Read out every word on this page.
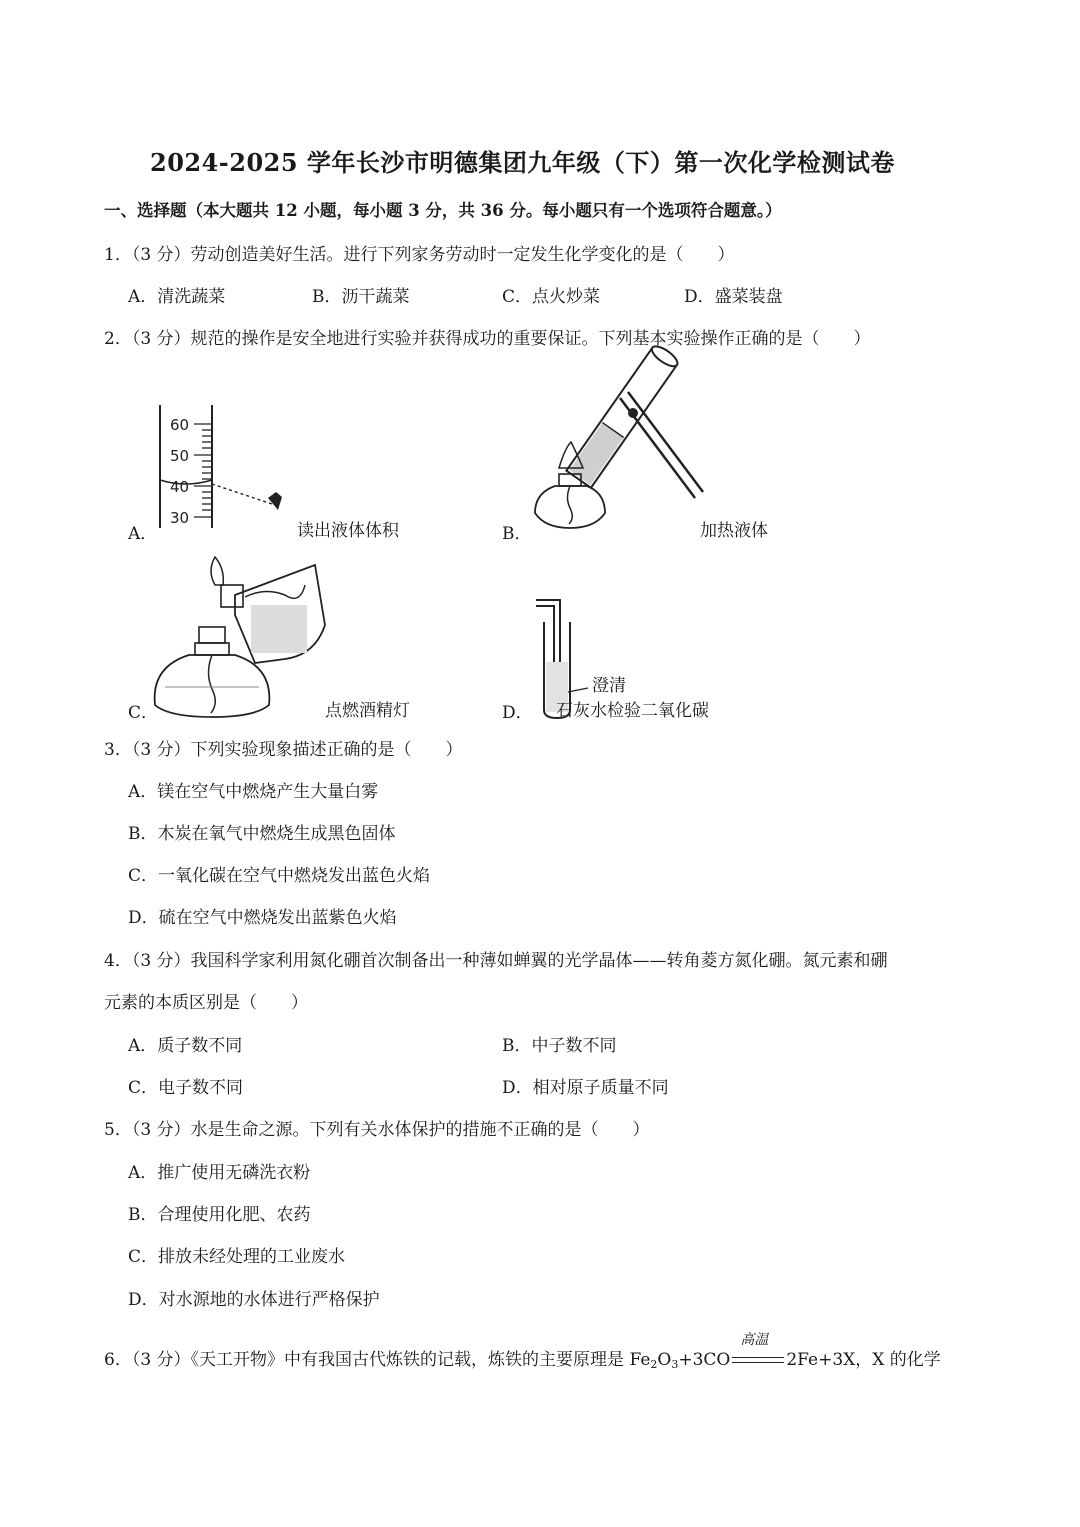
2024-2025 学年长沙市明德集团九年级（下）第一次化学检测试卷
一、选择题（本大题共 12 小题，每小题 3 分，共 36 分。每小题只有一个选项符合题意。）
1．（3 分）劳动创造美好生活。进行下列家务劳动时一定发生化学变化的是（　　）
A．清洗蔬菜	B．沥干蔬菜	C．点火炒菜	D．盛菜装盘
2．（3 分）规范的操作是安全地进行实验并获得成功的重要保证。下列基本实验操作正确的是（　　）
60
50
40
30
A．	读出液体体积	B．	加热液体
C．	点燃酒精灯	D．
澄清
石灰水检验二氧化碳
3．（3 分）下列实验现象描述正确的是（　　）
A．镁在空气中燃烧产生大量白雾
B．木炭在氧气中燃烧生成黑色固体
C．一氧化碳在空气中燃烧发出蓝色火焰
D．硫在空气中燃烧发出蓝紫色火焰
4．（3 分）我国科学家利用氮化硼首次制备出一种薄如蝉翼的光学晶体——转角菱方氮化硼。氮元素和硼
元素的本质区别是（　　）
A．质子数不同	B．中子数不同
C．电子数不同	D．相对原子质量不同
5．（3 分）水是生命之源。下列有关水体保护的措施不正确的是（　　）
A．推广使用无磷洗衣粉
B．合理使用化肥、农药
C．排放未经处理的工业废水
D．对水源地的水体进行严格保护
6．（3 分）《天工开物》中有我国古代炼铁的记载，炼铁的主要原理是 $Fe_2O_3+3CO$
高温
2Fe+3X，X 的化学
